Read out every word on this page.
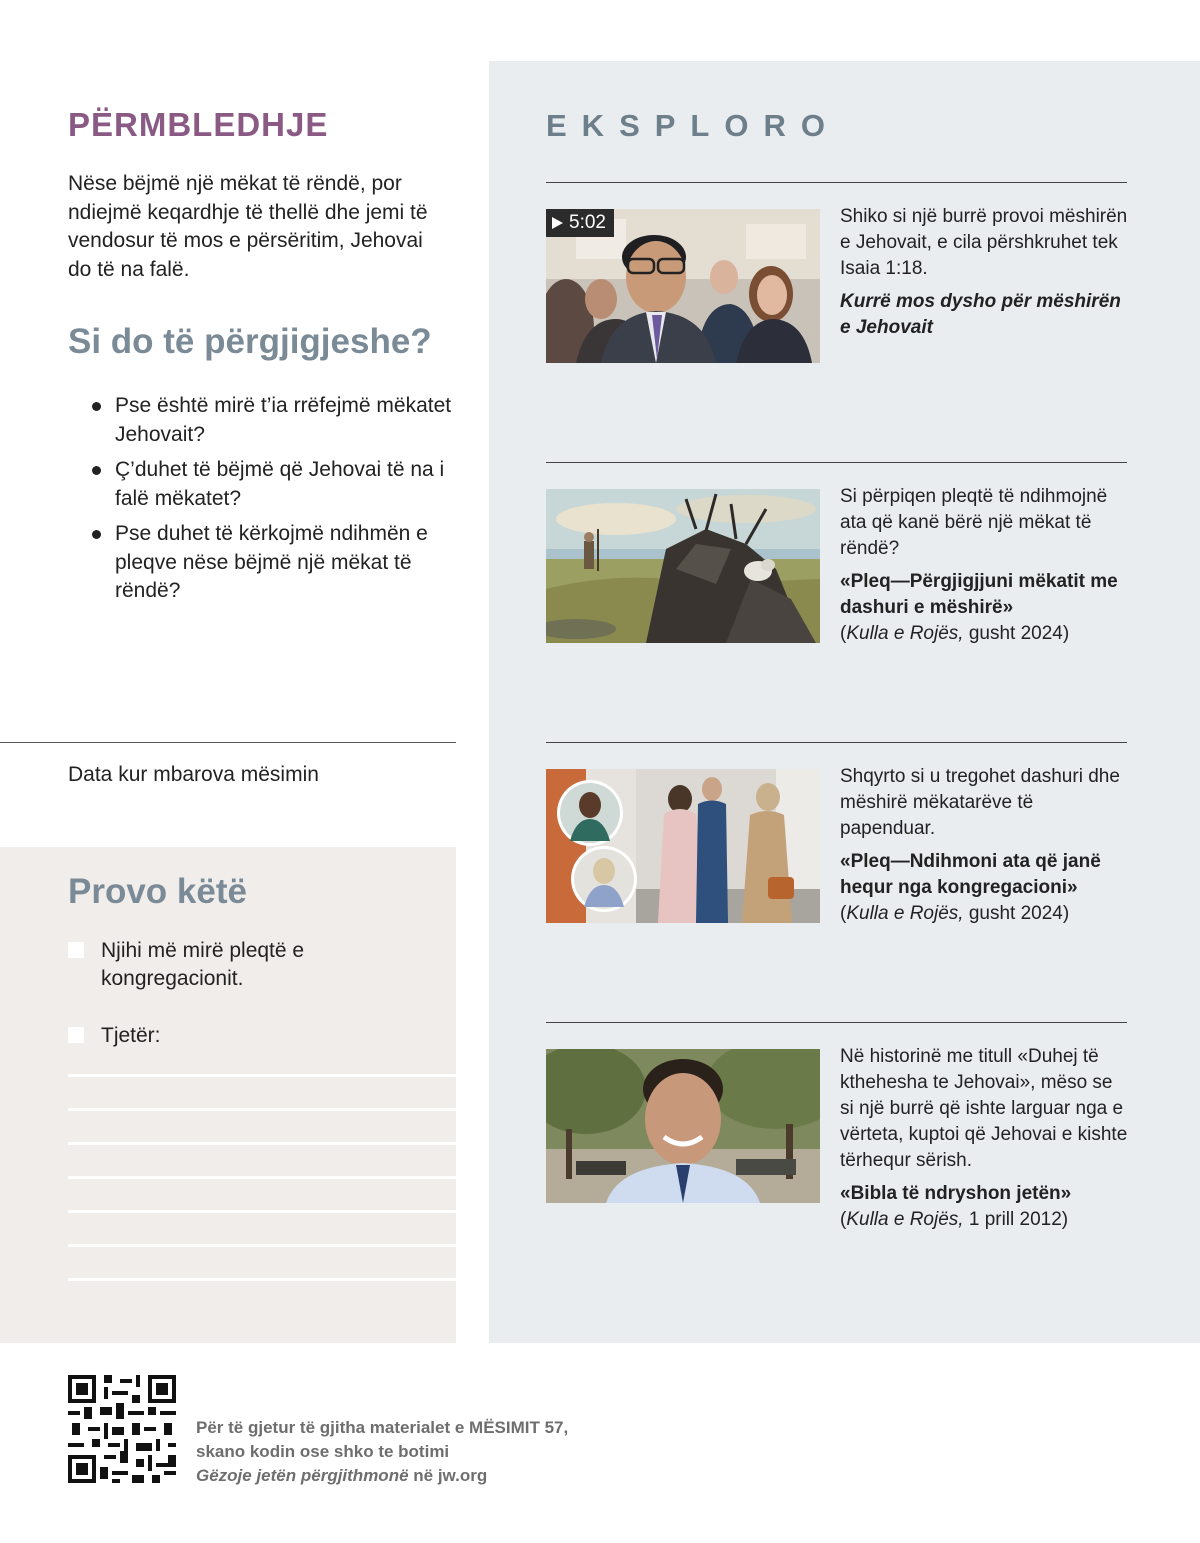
PËRMBLEDHJE

Nëse bëjmë një mëkat të rëndë, por ndiejmë keqardhje të thellë dhe jemi të vendosur të mos e përsëritim, Jehovai do të na falë.

Si do të përgjigjeshe?
Pse është mirë t’ia rrëfejmë mëkatet Jehovait?
Ç’duhet të bëjmë që Jehovai të na i falë mëkatet?
Pse duhet të kërkojmë ndihmën e pleqve nëse bëjmë një mëkat të rëndë?
Data kur mbarova mësimin
Provo këtë
Njihi më mirë pleqtë e kongregacionit.
Tjetër:
EKSPLORO
5:02	Shiko si një burrë provoi mëshirën e Jehovait, e cila përshkruhet tek Isaia 1:18.

Kurrë mos dysho për mëshirën e Jehovait

Si përpiqen pleqtë të ndihmojnë ata që kanë bërë një mëkat të rëndë?

«Pleq—Përgjigjjuni mëkatit me dashuri e mëshirë»

(Kulla e Rojës, gusht 2024)

Shqyrto si u tregohet dashuri dhe mëshirë mëkatarëve të papenduar.

«Pleq—Ndihmoni ata që janë hequr nga kongregacioni»

(Kulla e Rojës, gusht 2024)

Në historinë me titull «Duhej të kthehesha te Jehovai», mëso se si një burrë që ishte larguar nga e vërteta, kuptoi që Jehovai e kishte tërhequr sërish.

«Bibla të ndryshon jetën»

(Kulla e Rojës, 1 prill 2012)

Për të gjetur të gjitha materialet e MËSIMIT 57,
skano kodin ose shko te botimi
Gëzoje jetën përgjithmonë në jw.org
